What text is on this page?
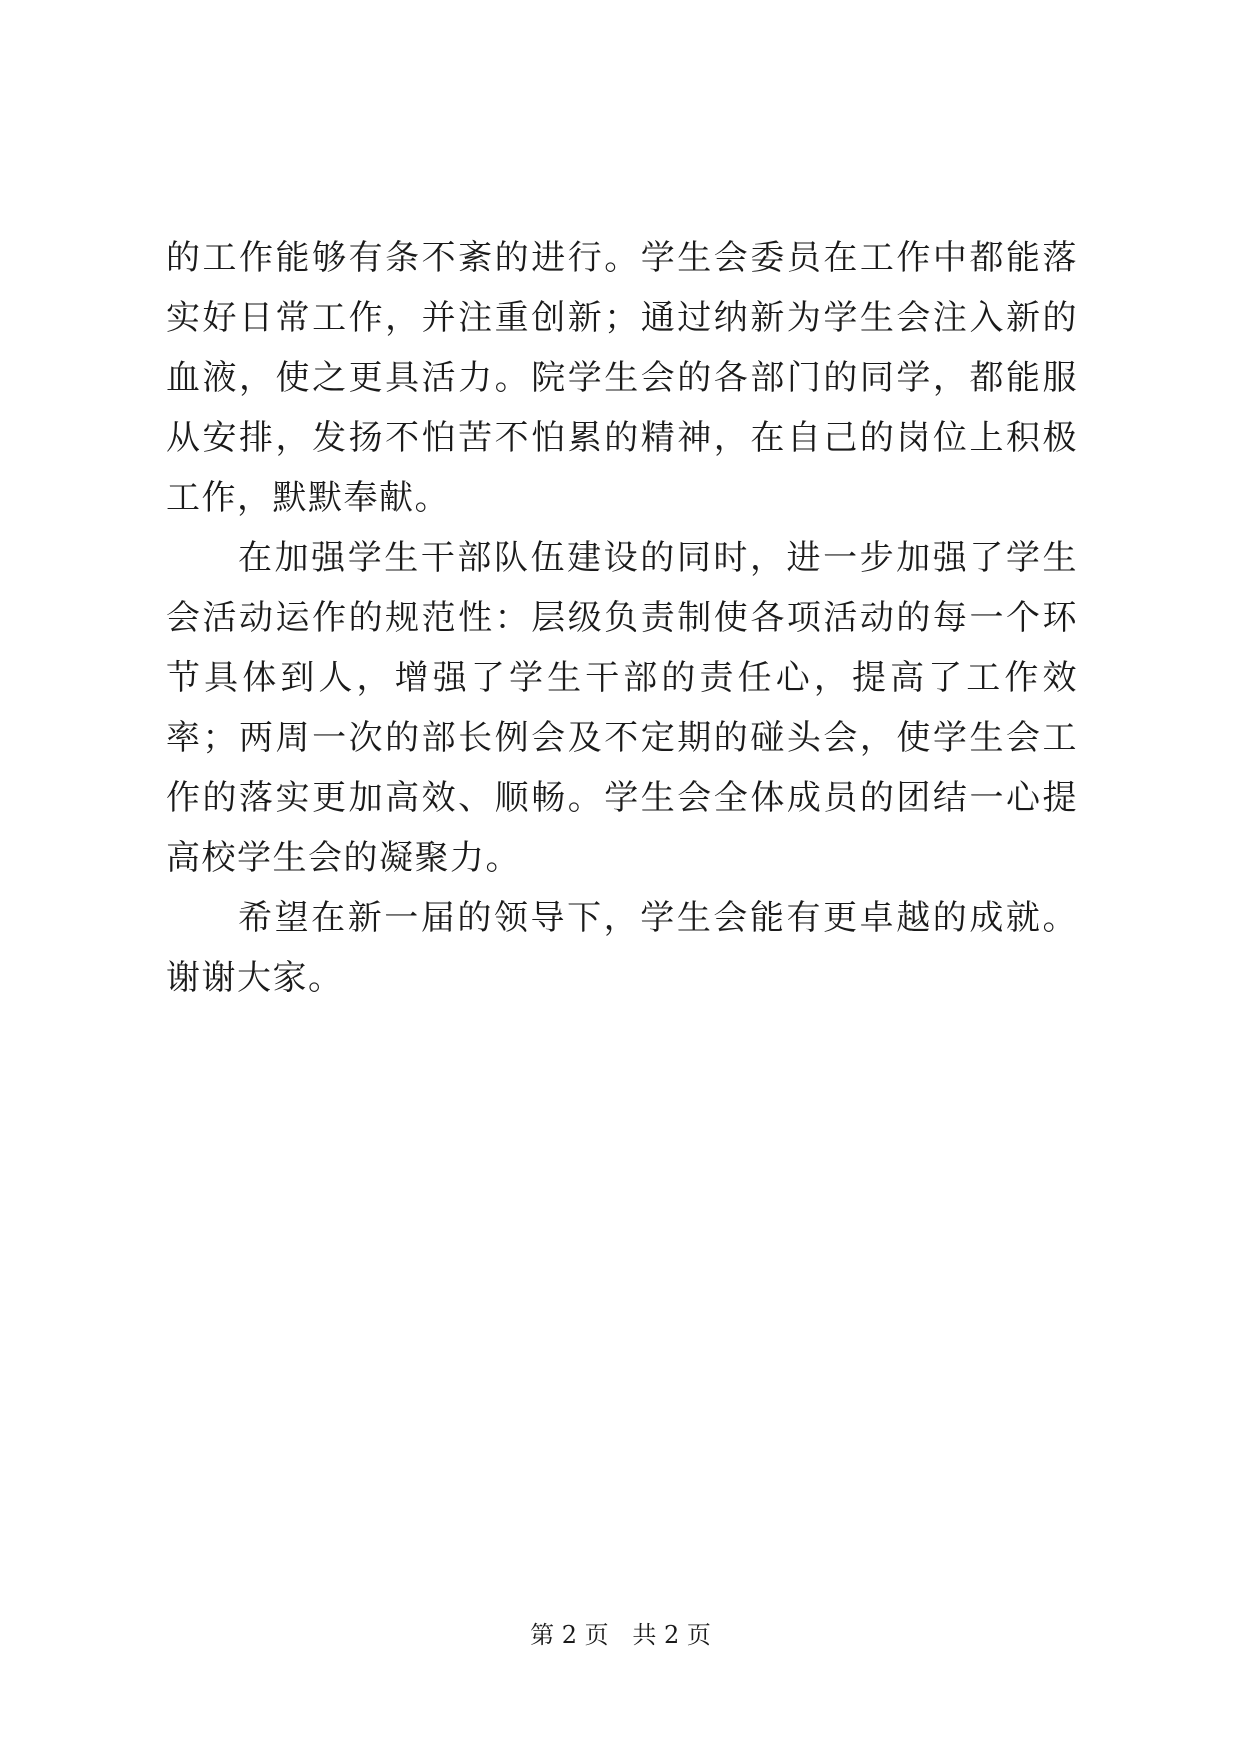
的工作能够有条不紊的进行。学生会委员在工作中都能落实好日常工作，并注重创新；通过纳新为学生会注入新的血液，使之更具活力。院学生会的各部门的同学，都能服从安排，发扬不怕苦不怕累的精神，在自己的岗位上积极工作，默默奉献。

在加强学生干部队伍建设的同时，进一步加强了学生会活动运作的规范性：层级负责制使各项活动的每一个环节具体到人，增强了学生干部的责任心，提高了工作效率；两周一次的部长例会及不定期的碰头会，使学生会工作的落实更加高效、顺畅。学生会全体成员的团结一心提高校学生会的凝聚力。

希望在新一届的领导下，学生会能有更卓越的成就。谢谢大家。

第 2 页 共 2 页
